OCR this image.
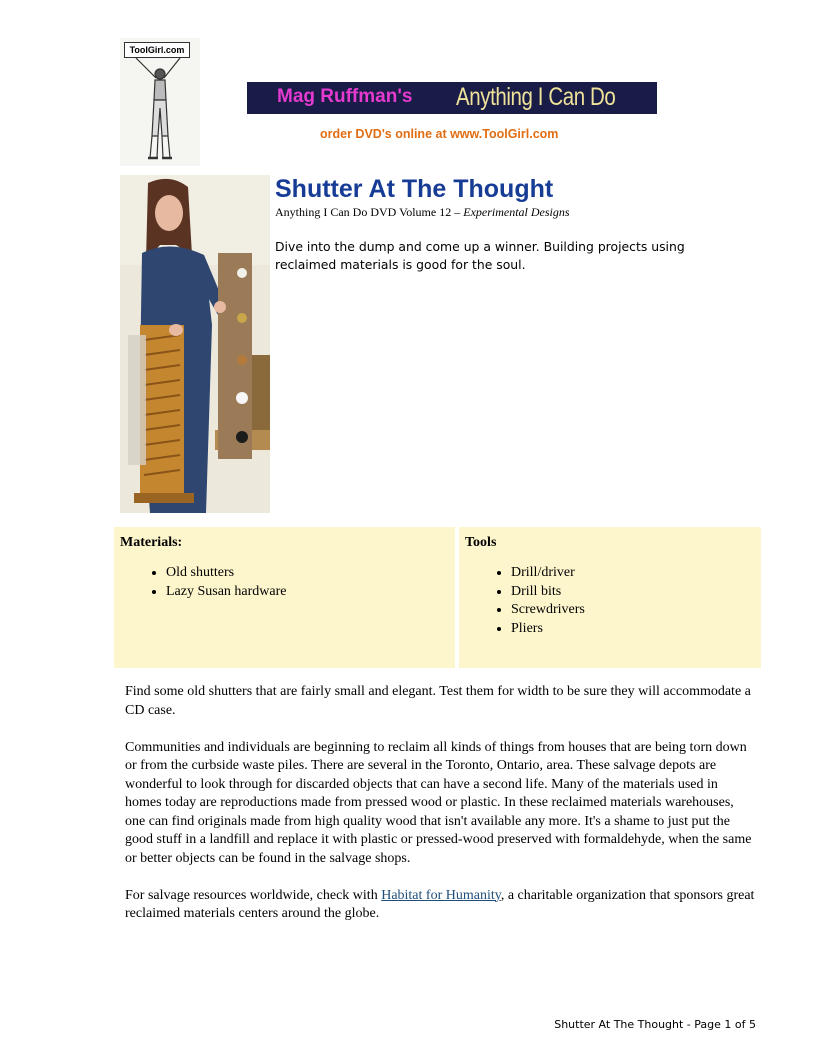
ToolGirl.com
Mag Ruffman's Anything I Can Do
order DVD's online at www.ToolGirl.com
Shutter At The Thought
Anything I Can Do DVD Volume 12 – Experimental Designs
Dive into the dump and come up a winner. Building projects using reclaimed materials is good for the soul.
Materials:
• Old shutters
• Lazy Susan hardware
Tools
• Drill/driver
• Drill bits
• Screwdrivers
• Pliers

Find some old shutters that are fairly small and elegant. Test them for width to be sure they will accommodate a CD case.

Communities and individuals are beginning to reclaim all kinds of things from houses that are being torn down or from the curbside waste piles. There are several in the Toronto, Ontario, area. These salvage depots are wonderful to look through for discarded objects that can have a second life. Many of the materials used in homes today are reproductions made from pressed wood or plastic. In these reclaimed materials warehouses, one can find originals made from high quality wood that isn't available any more. It's a shame to just put the good stuff in a landfill and replace it with plastic or pressed-wood preserved with formaldehyde, when the same or better objects can be found in the salvage shops.

For salvage resources worldwide, check with Habitat for Humanity, a charitable organization that sponsors great reclaimed materials centers around the globe.

Shutter At The Thought - Page 1 of 5
